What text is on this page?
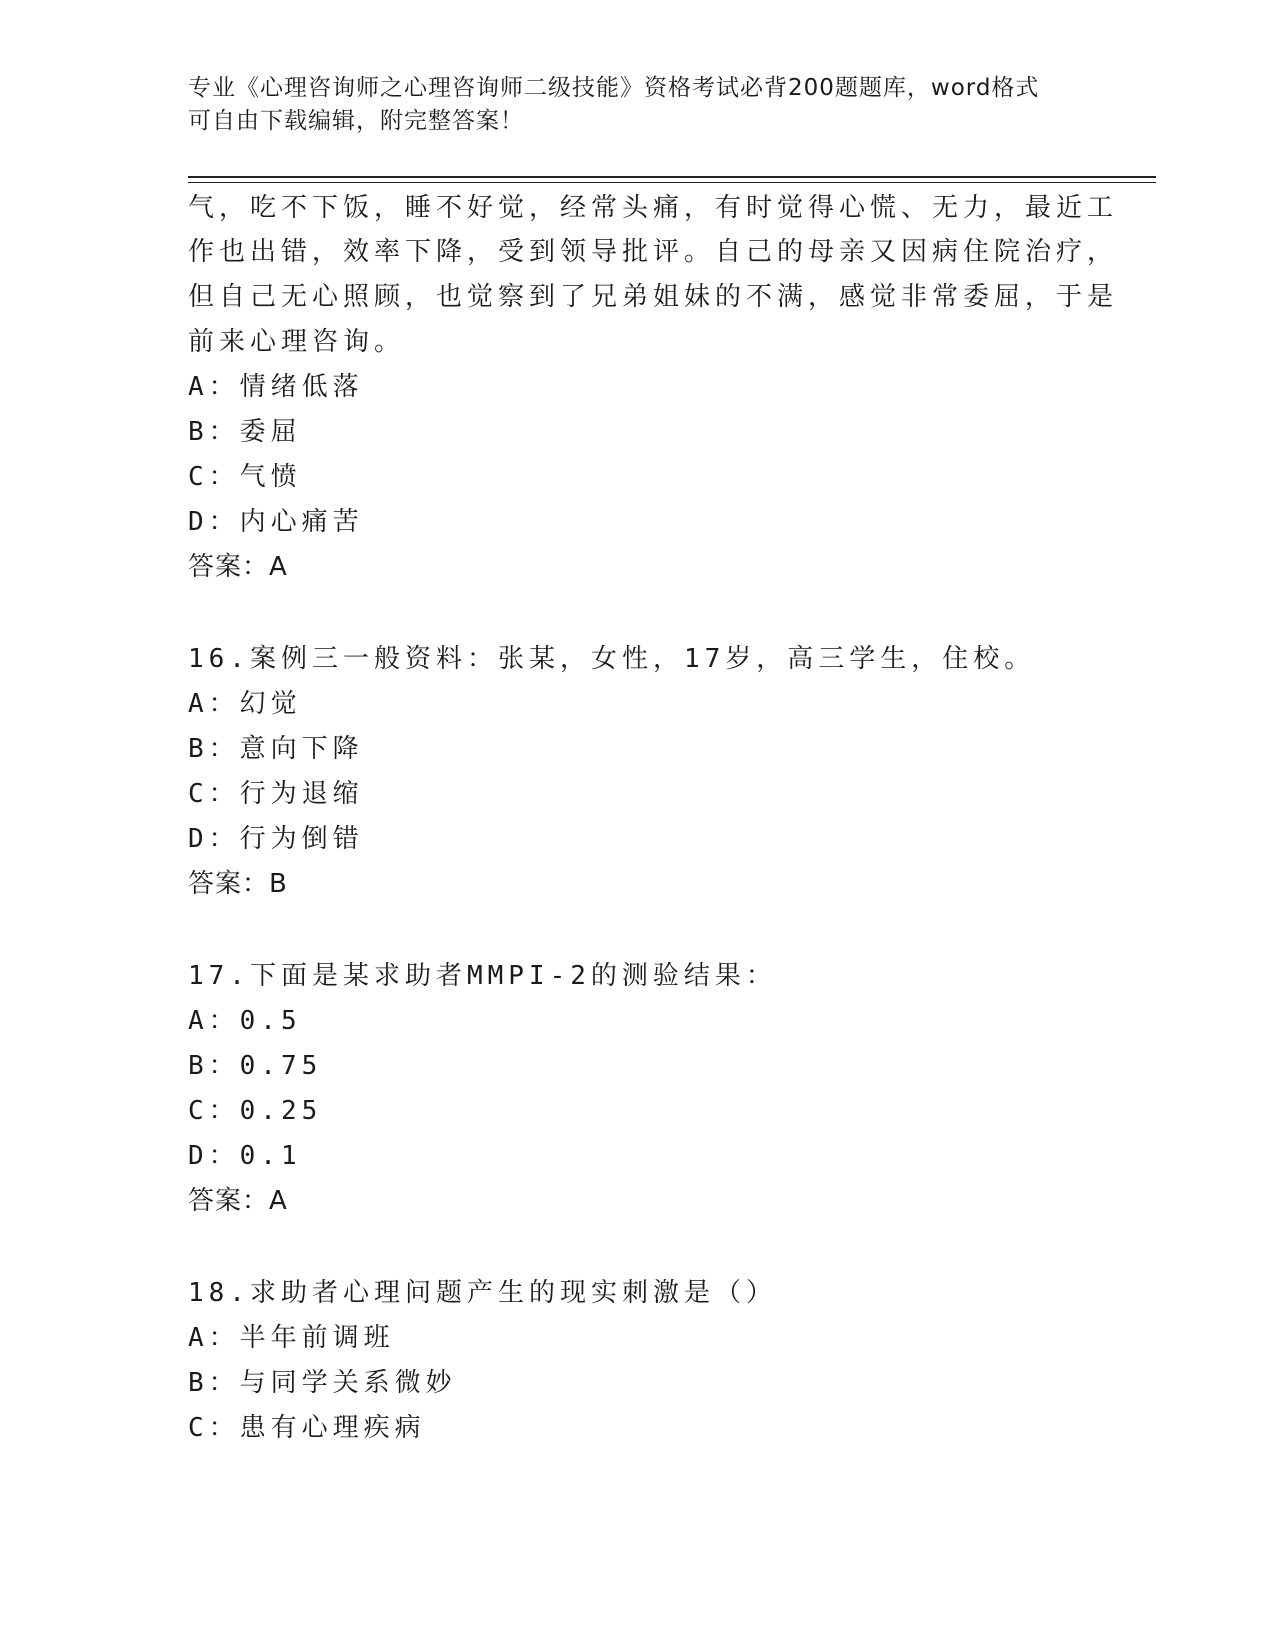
专业《心理咨询师之心理咨询师二级技能》资格考试必背200题题库，word格式
可自由下载编辑，附完整答案！
气，吃不下饭，睡不好觉，经常头痛，有时觉得心慌、无力，最近工
作也出错，效率下降，受到领导批评。自己的母亲又因病住院治疗，
但自己无心照顾，也觉察到了兄弟姐妹的不满，感觉非常委屈，于是
前来心理咨询。
A：情绪低落
B：委屈
C：气愤
D：内心痛苦
答案：A
16.案例三一般资料：张某，女性，17岁，高三学生，住校。
A：幻觉
B：意向下降
C：行为退缩
D：行为倒错
答案：B
17.下面是某求助者MMPI-2的测验结果：
A：0.5
B：0.75
C：0.25
D：0.1
答案：A
18.求助者心理问题产生的现实刺激是（）
A：半年前调班
B：与同学关系微妙
C：患有心理疾病
